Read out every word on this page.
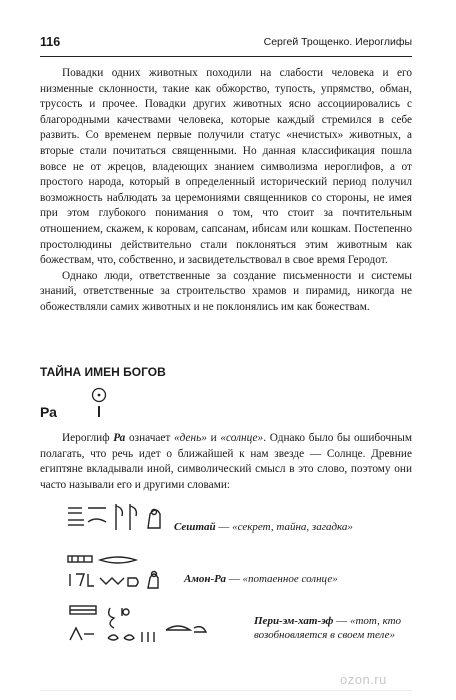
116	Сергей Трощенко. Иероглифы

Повадки одних животных походили на слабости человека и его низменные склонности, такие как обжорство, тупость, упрямство, обман, трусость и прочее. Повадки других животных ясно ассоциировались с благородными качествами человека, которые каждый стремился в себе развить. Со временем первые получили статус «нечистых» животных, а вторые стали почитаться священными. Но данная классификация пошла вовсе не от жрецов, владеющих знанием символизма иероглифов, а от простого народа, который в определенный исторический период получил возможность наблюдать за церемониями священников со стороны, не имея при этом глубокого понимания о том, что стоит за почтительным отношением, скажем, к коровам, сапсанам, ибисам или кошкам. Постепенно простолюдины действительно стали поклоняться этим животным как божествам, что, собственно, и засвидетельствовал в свое время Геродот.

Однако люди, ответственные за создание письменности и системы знаний, ответственные за строительство храмов и пирамид, никогда не обожествляли самих животных и не поклонялись им как божествам.

ТАЙНА ИМЕН БОГОВ
Ра

Иероглиф Ра означает «день» и «солнце». Однако было бы ошибочным полагать, что речь идет о ближайшей к нам звезде — Солнце. Древние египтяне вкладывали иной, символический смысл в это слово, поэтому они часто называли его и другими словами:

Сештай — «секрет, тайна, загадка»
Амон-Ра — «потаенное солнце»
Пери-эм-хат-эф — «тот, кто возобновляется в своем теле»
ozon.ru
